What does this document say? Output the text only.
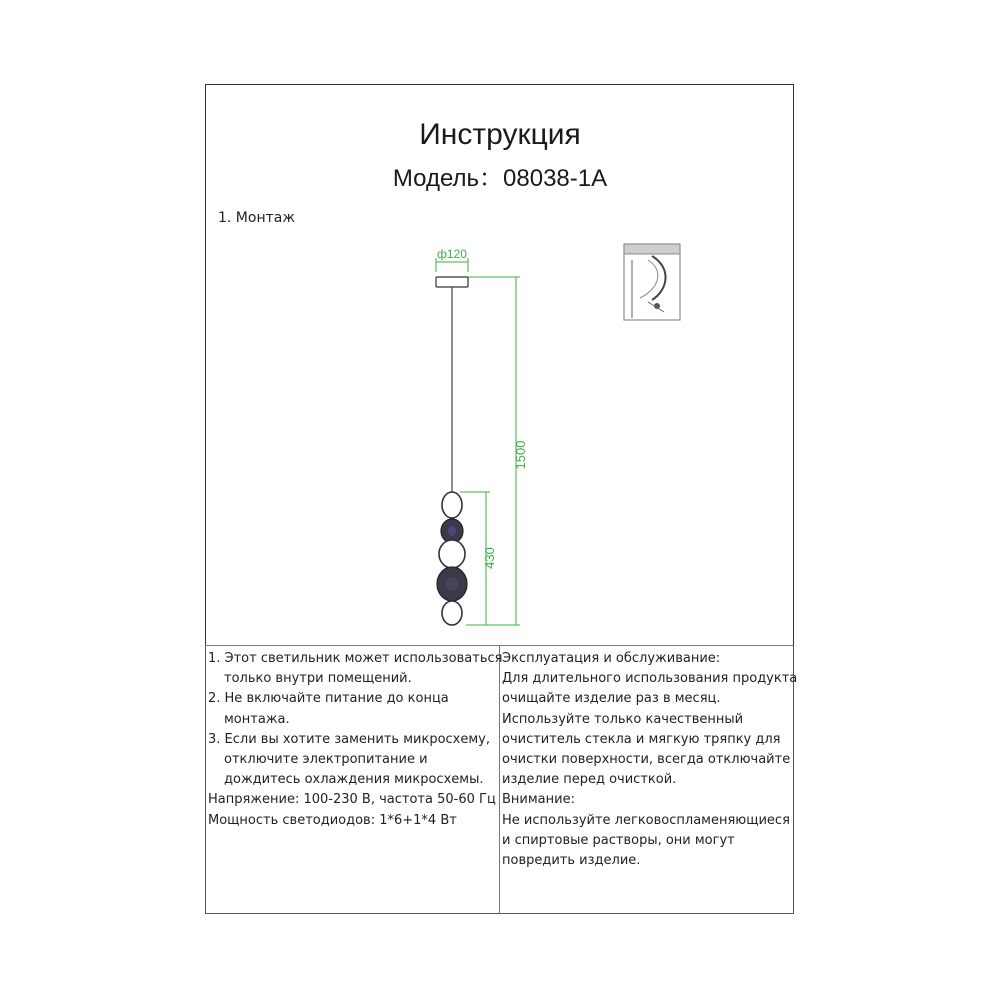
Инструкция
Модель：08038-1A
1. Монтаж
ф120
1500
430
1. Этот светильник может использоваться
только внутри помещений.
2. Не включайте питание до конца
монтажа.
3. Если вы хотите заменить микросхему,
отключите электропитание и
дождитесь охлаждения микросхемы.
Напряжение: 100-230 В, частота 50-60 Гц
Мощность светодиодов: 1*6+1*4 Вт
Эксплуатация и обслуживание:
Для длительного использования продукта
очищайте изделие раз в месяц.
Используйте только качественный
очиститель стекла и мягкую тряпку для
очистки поверхности, всегда отключайте
изделие перед очисткой.
Внимание:
Не используйте легковоспламеняющиеся
и спиртовые растворы, они могут
повредить изделие.
